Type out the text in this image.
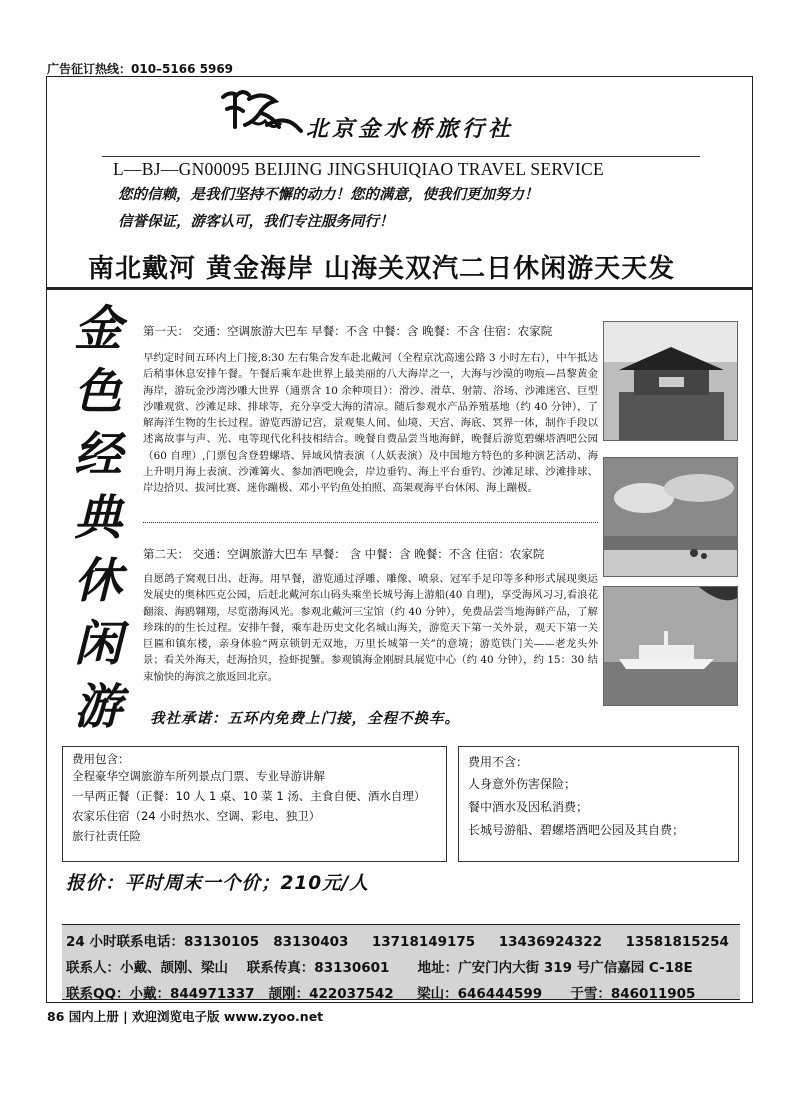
广告征订热线：010–5166 5969
北京金水桥旅行社
L—BJ—GN00095 BEIJING JINGSHUIQIAO TRAVEL SERVICE
您的信赖，是我们坚持不懈的动力！您的满意，使我们更加努力！
信誉保证，游客认可，我们专注服务同行！
南北戴河 黄金海岸 山海关双汽二日休闲游天天发
金
色
经
典
休
闲
游
第一天： 交通：空调旅游大巴车 早餐：不含 中餐：含 晚餐：不含 住宿：农家院
早约定时间五环内上门接,8:30 左右集合发车赴北戴河（全程京沈高速公路 3 小时左右），中午抵达后稍事休息安排午餐。午餐后乘车赴世界上最美丽的八大海岸之一，大海与沙漠的吻痕—昌黎黄金海岸，游玩金沙湾沙雕大世界（通票含 10 余种项目）：滑沙、滑草、射箭、浴场、沙滩迷宫、巨型沙雕观赏、沙滩足球、排球等，充分享受大海的清凉。随后参观水产品养殖基地（约 40 分钟），了解海洋生物的生长过程。游览西游记宫，景观集人间、仙境、天宫、海底、冥界一体，制作手段以述离故事与声、光、电等现代化科技相结合。晚餐自费品尝当地海鲜，晚餐后游览碧螺塔酒吧公园（60 自理）,门票包含登碧螺塔、异域风情表演（人妖表演）及中国地方特色的多种演艺活动、海上升明月海上表演、沙滩篝火、参加酒吧晚会，岸边垂钓、海上平台垂钓、沙滩足球、沙滩排球、岸边拾贝、拔河比赛、迷你蹦极、邓小平钓鱼处拍照、高架观海平台休闲、海上蹦极。
第二天： 交通：空调旅游大巴车 早餐： 含 中餐：含 晚餐：不含 住宿：农家院
自愿鸽子窝观日出、赶海。用早餐，游览通过浮雕、雕像、喷泉、冠军手足印等多种形式展现奥运发展史的奥林匹克公园，后赶北戴河东山码头乘坐长城号海上游船(40 自理)，享受海风习习,看浪花翻滚、海鸥翱翔，尽览渤海风光。参观北戴河三宝馆（约 40 分钟），免费品尝当地海鲜产品，了解珍珠的的生长过程。安排午餐，乘车赴历史文化名城山海关，游览天下第一关外景，观天下第一关巨匾和镇东楼，亲身体验“两京锁钥无双地，万里长城第一关”的意境；游览铁门关——老龙头外景；看关外海天，赶海拾贝，捡虾捉蟹。参观镇海金刚厨具展览中心（约 40 分钟），约 15：30 结束愉快的海滨之旅返回北京。
我社承诺：五环内免费上门接，全程不换车。
费用包含：
全程豪华空调旅游车所列景点门票、专业导游讲解
一早两正餐（正餐：10 人 1 桌、10 菜 1 汤、主食自便、酒水自理）
农家乐住宿（24 小时热水、空调、彩电、独卫）
旅行社责任险
费用不含：
人身意外伤害保险；
餐中酒水及因私消费；
长城号游船、碧螺塔酒吧公园及其自费；
报价：平时周末一个价；210元/人
24 小时联系电话：83130105   83130403     13718149175     13436924322     13581815254
联系人：小戴、颉刚、梁山    联系传真：83130601      地址：广安门内大街 319 号广信嘉园 C-18E
联系QQ：小戴：844971337   颉刚：422037542     梁山：646444599      于雪：846011905
86 国内上册 | 欢迎浏览电子版 www.zyoo.net
